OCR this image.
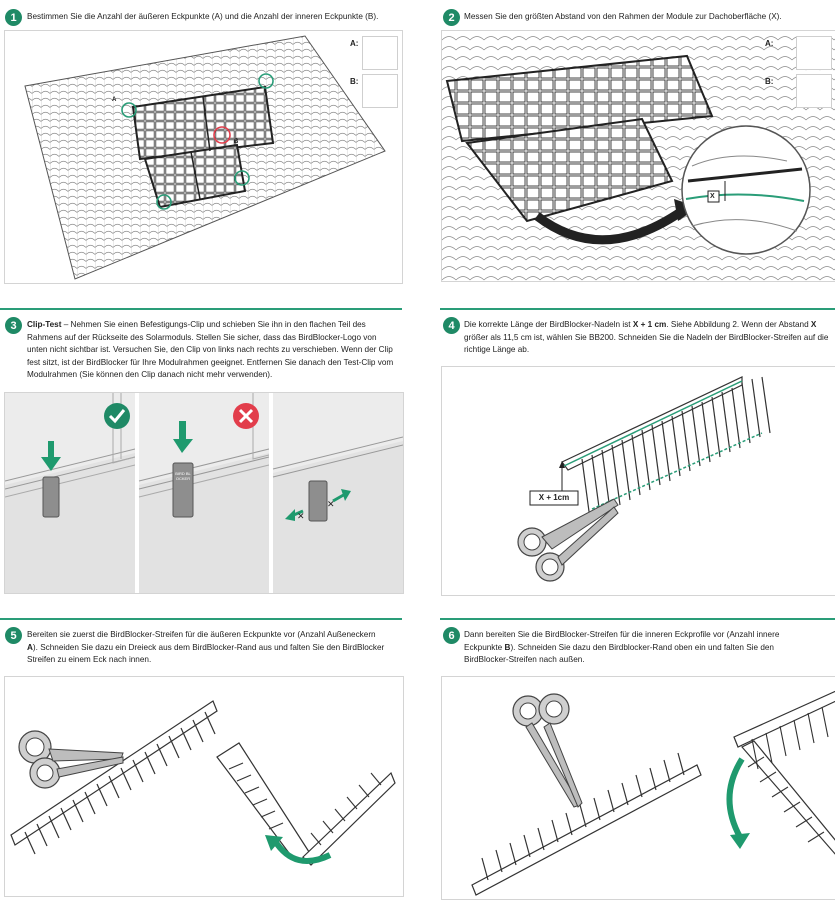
1	Bestimmen Sie die Anzahl der äußeren Eckpunkte (A) und die Anzahl der inneren Eckpunkte (B).
A
B
A:
B:
2	Messen Sie den größten Abstand von den Rahmen der Module zur Dachoberfläche (X).
X
A:
B:
3	Clip-Test – Nehmen Sie einen Befestigungs-Clip und schieben Sie ihn in den flachen Teil des Rahmens auf der Rückseite des Solarmoduls. Stellen Sie sicher, dass das BirdBlocker-Logo von unten nicht sichtbar ist. Versuchen Sie, den Clip von links nach rechts zu verschieben. Wenn der Clip fest sitzt, ist der BirdBlocker für Ihre Modulrahmen geeignet. Entfernen Sie danach den Test-Clip vom Modulrahmen (Sie können den Clip danach nicht mehr verwenden).
✕
✕
BIRD BLOCKER
4	Die korrekte Länge der BirdBlocker-Nadeln ist X + 1 cm. Siehe Abbildung 2. Wenn der Abstand X größer als 11,5 cm ist, wählen Sie BB200. Schneiden Sie die Nadeln der BirdBlocker-Streifen auf die richtige Länge ab.
X + 1cm
5	Bereiten sie zuerst die BirdBlocker-Streifen für die äußeren Eckpunkte vor (Anzahl Außeneckern A). Schneiden Sie dazu ein Dreieck aus dem BirdBlocker-Rand aus und falten Sie den BirdBlocker Streifen zu einem Eck nach innen.
6	Dann bereiten Sie die BirdBlocker-Streifen für die inneren Eckprofile vor (Anzahl innere Eckpunkte B). Schneiden Sie dazu den Birdblocker-Rand oben ein und falten Sie den BirdBlocker-Streifen nach außen.
